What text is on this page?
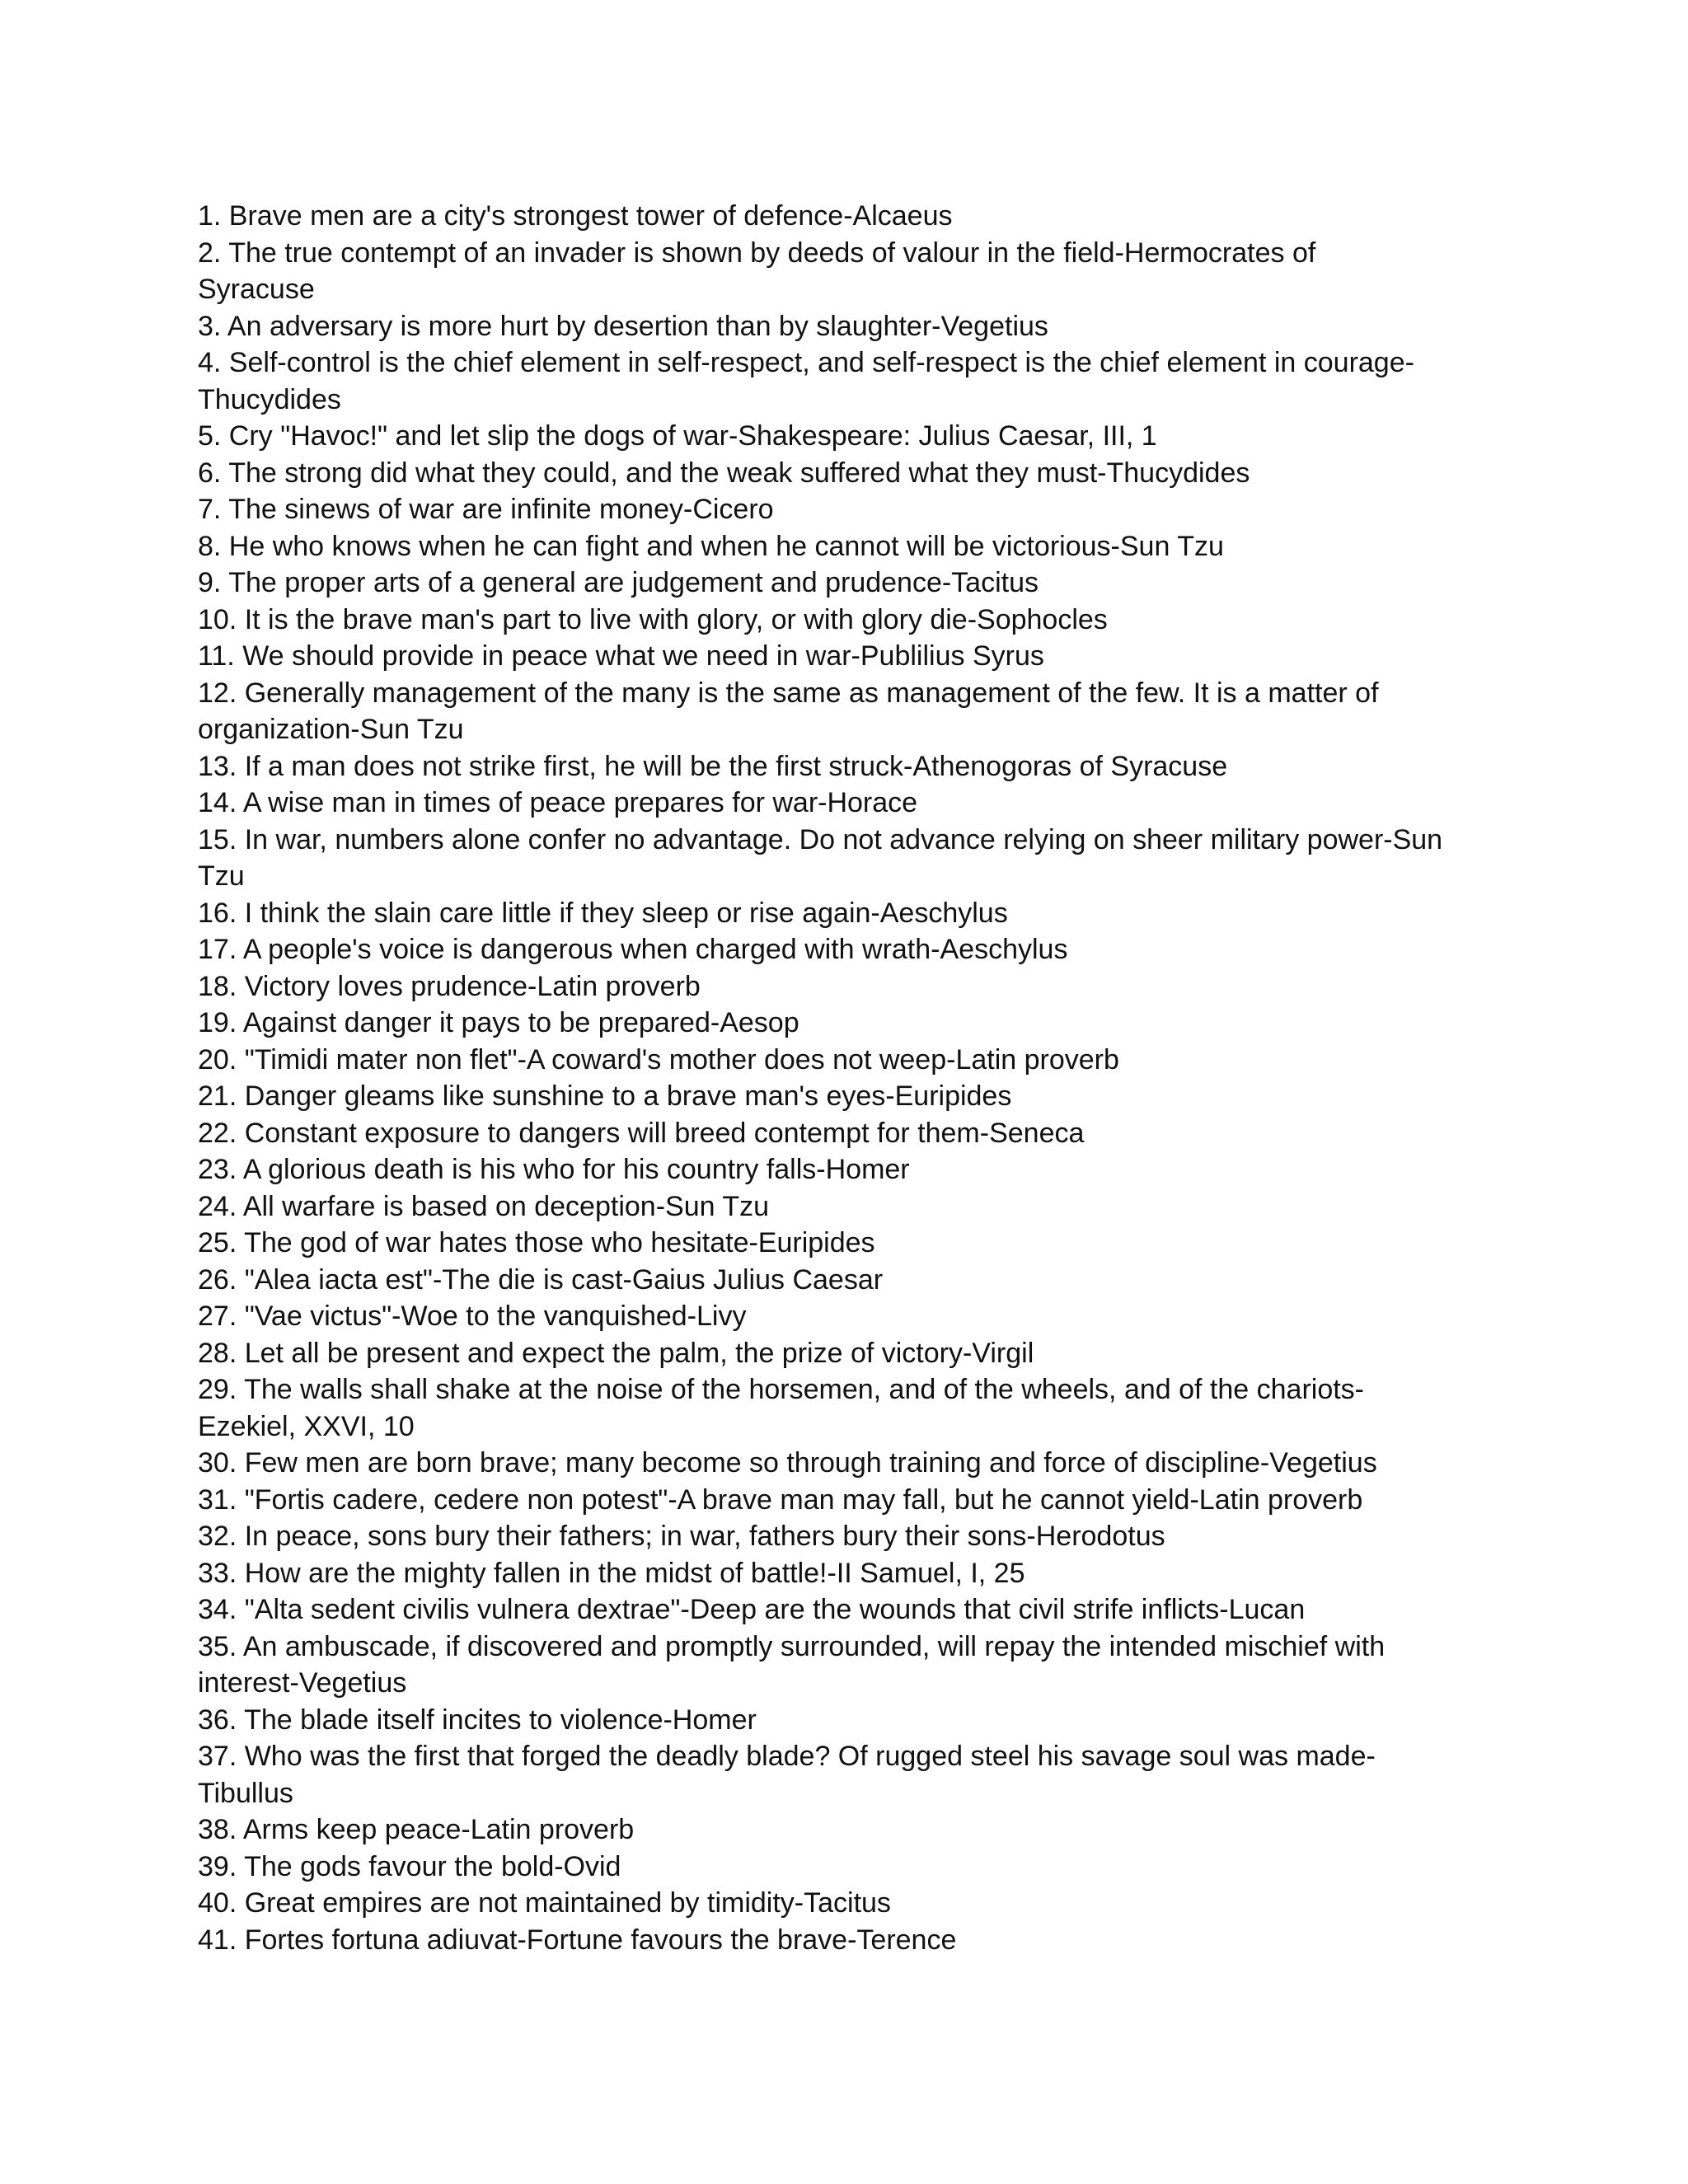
1. Brave men are a city's strongest tower of defence-Alcaeus

2. The true contempt of an invader is shown by deeds of valour in the field-Hermocrates of

Syracuse

3. An adversary is more hurt by desertion than by slaughter-Vegetius

4. Self-control is the chief element in self-respect, and self-respect is the chief element in courage-

Thucydides

5. Cry "Havoc!" and let slip the dogs of war-Shakespeare: Julius Caesar, III, 1

6. The strong did what they could, and the weak suffered what they must-Thucydides

7. The sinews of war are infinite money-Cicero

8. He who knows when he can fight and when he cannot will be victorious-Sun Tzu

9. The proper arts of a general are judgement and prudence-Tacitus

10. It is the brave man's part to live with glory, or with glory die-Sophocles

11. We should provide in peace what we need in war-Publilius Syrus

12. Generally management of the many is the same as management of the few. It is a matter of

organization-Sun Tzu

13. If a man does not strike first, he will be the first struck-Athenogoras of Syracuse

14. A wise man in times of peace prepares for war-Horace

15. In war, numbers alone confer no advantage. Do not advance relying on sheer military power-Sun

Tzu

16. I think the slain care little if they sleep or rise again-Aeschylus

17. A people's voice is dangerous when charged with wrath-Aeschylus

18. Victory loves prudence-Latin proverb

19. Against danger it pays to be prepared-Aesop

20. "Timidi mater non flet"-A coward's mother does not weep-Latin proverb

21. Danger gleams like sunshine to a brave man's eyes-Euripides

22. Constant exposure to dangers will breed contempt for them-Seneca

23. A glorious death is his who for his country falls-Homer

24. All warfare is based on deception-Sun Tzu

25. The god of war hates those who hesitate-Euripides

26. "Alea iacta est"-The die is cast-Gaius Julius Caesar

27. "Vae victus"-Woe to the vanquished-Livy

28. Let all be present and expect the palm, the prize of victory-Virgil

29. The walls shall shake at the noise of the horsemen, and of the wheels, and of the chariots-

Ezekiel, XXVI, 10

30. Few men are born brave; many become so through training and force of discipline-Vegetius

31. "Fortis cadere, cedere non potest"-A brave man may fall, but he cannot yield-Latin proverb

32. In peace, sons bury their fathers; in war, fathers bury their sons-Herodotus

33. How are the mighty fallen in the midst of battle!-II Samuel, I, 25

34. "Alta sedent civilis vulnera dextrae"-Deep are the wounds that civil strife inflicts-Lucan

35. An ambuscade, if discovered and promptly surrounded, will repay the intended mischief with

interest-Vegetius

36. The blade itself incites to violence-Homer

37. Who was the first that forged the deadly blade? Of rugged steel his savage soul was made-

Tibullus

38. Arms keep peace-Latin proverb

39. The gods favour the bold-Ovid

40. Great empires are not maintained by timidity-Tacitus

41. Fortes fortuna adiuvat-Fortune favours the brave-Terence
